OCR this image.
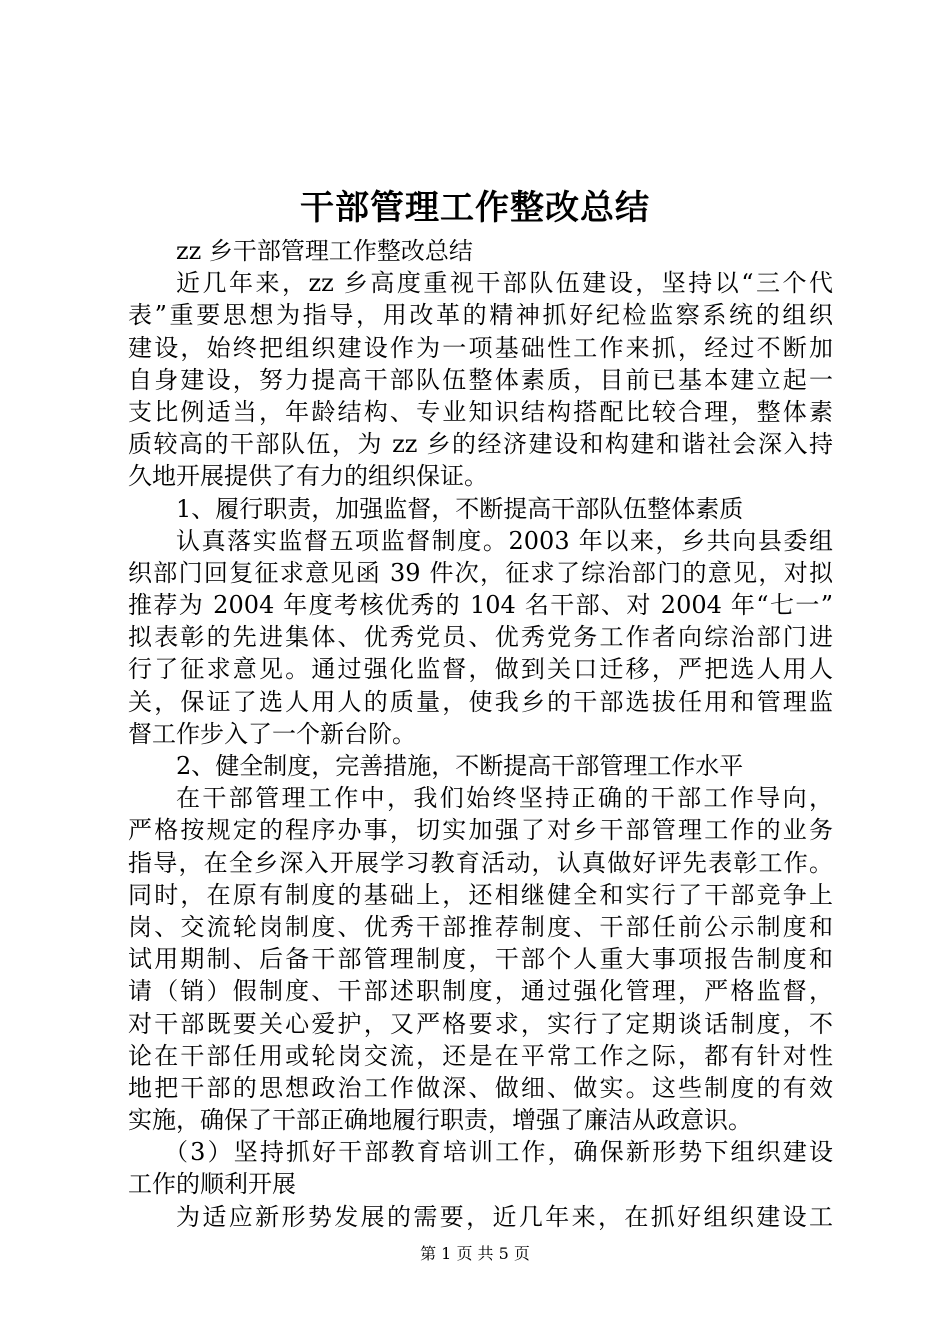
干部管理工作整改总结
zz 乡干部管理工作整改总结
近几年来，zz 乡高度重视干部队伍建设，坚持以“三个代
表”重要思想为指导，用改革的精神抓好纪检监察系统的组织
建设，始终把组织建设作为一项基础性工作来抓，经过不断加
自身建设，努力提高干部队伍整体素质，目前已基本建立起一
支比例适当，年龄结构、专业知识结构搭配比较合理，整体素
质较高的干部队伍，为 zz 乡的经济建设和构建和谐社会深入持
久地开展提供了有力的组织保证。
1、履行职责，加强监督，不断提高干部队伍整体素质
认真落实监督五项监督制度。2003 年以来，乡共向县委组
织部门回复征求意见函 39 件次，征求了综治部门的意见，对拟
推荐为 2004 年度考核优秀的 104 名干部、对 2004 年“七一”
拟表彰的先进集体、优秀党员、优秀党务工作者向综治部门进
行了征求意见。通过强化监督，做到关口迁移，严把选人用人
关，保证了选人用人的质量，使我乡的干部选拔任用和管理监
督工作步入了一个新台阶。
2、健全制度，完善措施，不断提高干部管理工作水平
在干部管理工作中，我们始终坚持正确的干部工作导向，
严格按规定的程序办事，切实加强了对乡干部管理工作的业务
指导，在全乡深入开展学习教育活动，认真做好评先表彰工作。
同时，在原有制度的基础上，还相继健全和实行了干部竞争上
岗、交流轮岗制度、优秀干部推荐制度、干部任前公示制度和
试用期制、后备干部管理制度，干部个人重大事项报告制度和
请（销）假制度、干部述职制度，通过强化管理，严格监督，
对干部既要关心爱护，又严格要求，实行了定期谈话制度，不
论在干部任用或轮岗交流，还是在平常工作之际，都有针对性
地把干部的思想政治工作做深、做细、做实。这些制度的有效
实施，确保了干部正确地履行职责，增强了廉洁从政意识。
（3）坚持抓好干部教育培训工作，确保新形势下组织建设
工作的顺利开展
为适应新形势发展的需要，近几年来，在抓好组织建设工
第 1 页 共 5 页
